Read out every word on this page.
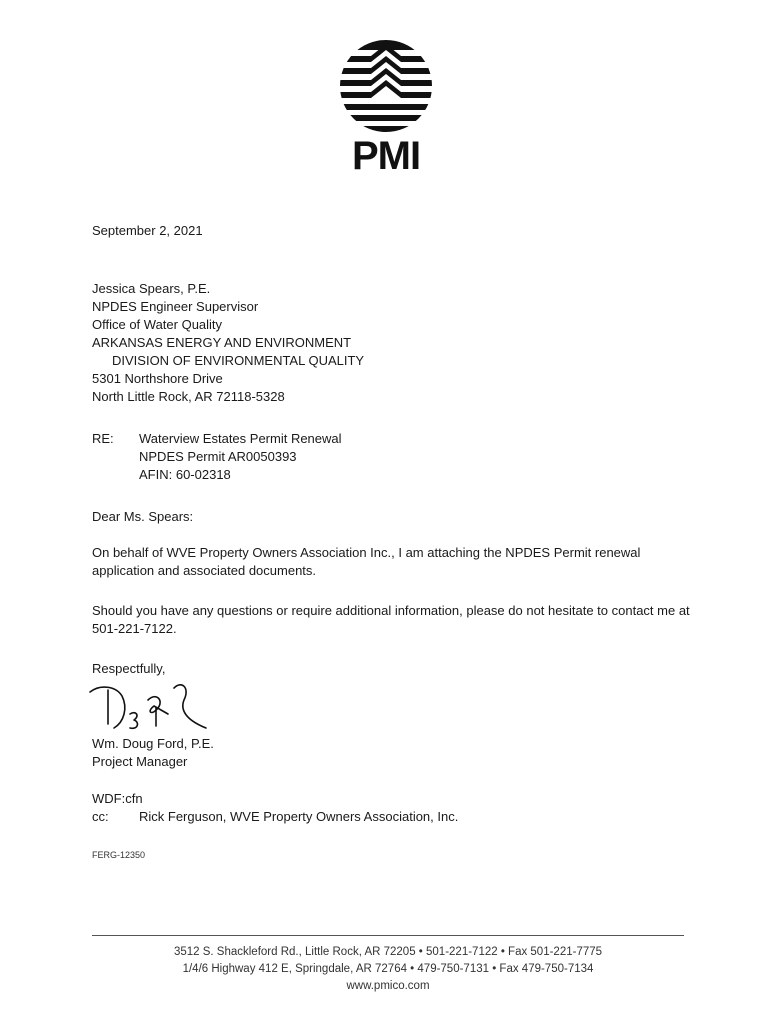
PMI
September 2, 2021
Jessica Spears, P.E.
NPDES Engineer Supervisor
Office of Water Quality
ARKANSAS ENERGY AND ENVIRONMENT
DIVISION OF ENVIRONMENTAL QUALITY
5301 Northshore Drive
North Little Rock, AR 72118-5328
RE:	Waterview Estates Permit Renewal
NPDES Permit AR0050393
AFIN: 60-02318
Dear Ms. Spears:
On behalf of WVE Property Owners Association Inc., I am attaching the NPDES Permit renewal application and associated documents.
Should you have any questions or require additional information, please do not hesitate to contact me at 501-221-7122.
Respectfully,
Wm. Doug Ford, P.E.
Project Manager
WDF:cfn
cc:	Rick Ferguson, WVE Property Owners Association, Inc.
FERG-12350
3512 S. Shackleford Rd., Little Rock, AR 72205 • 501-221-7122 • Fax 501-221-7775
1/4/6 Highway 412 E, Springdale, AR 72764 • 479-750-7131 • Fax 479-750-7134
www.pmico.com
